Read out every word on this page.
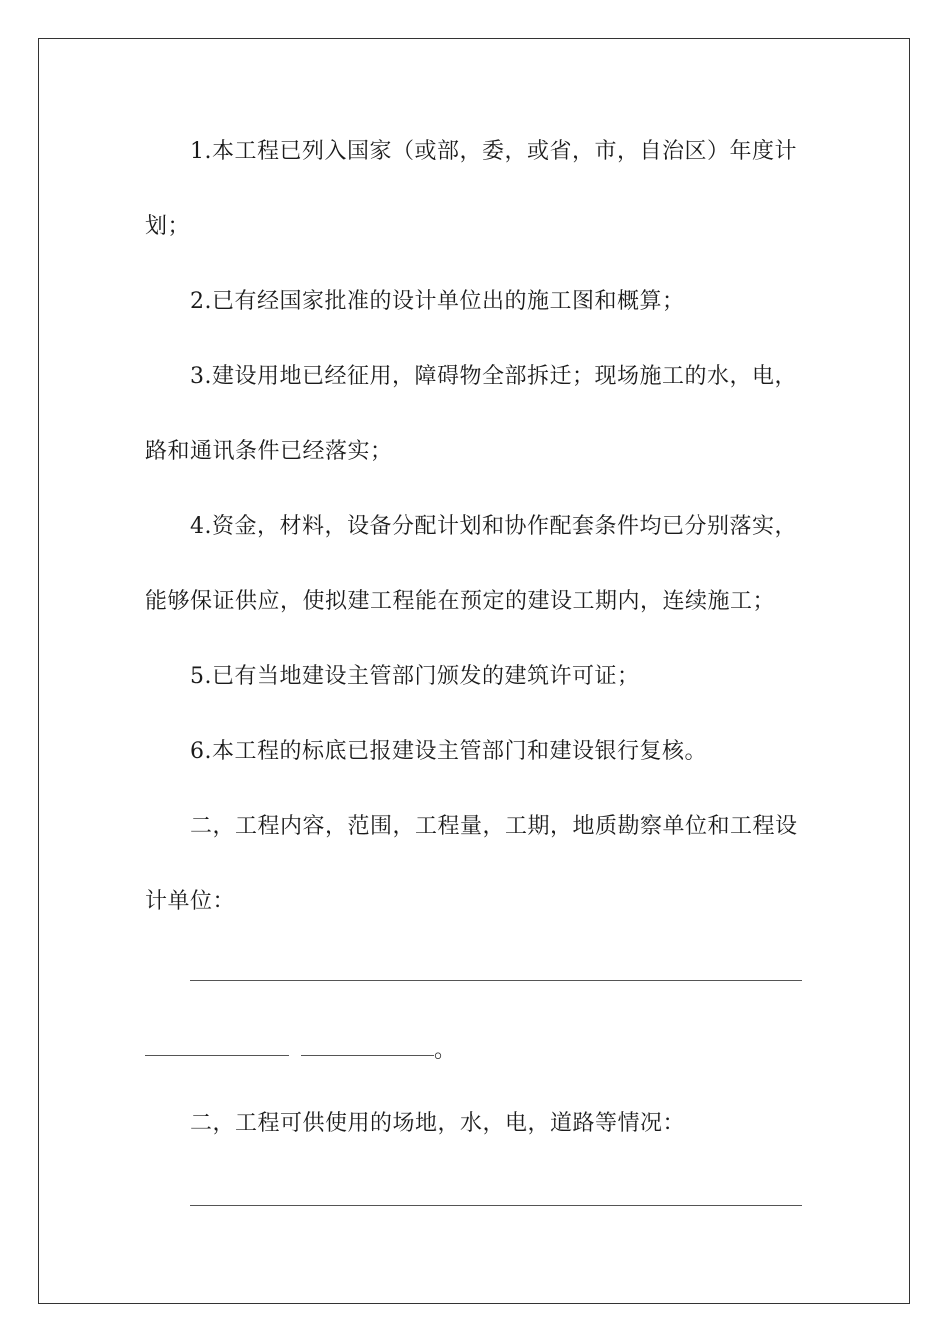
1.本工程已列入国家（或部，委，或省，市，自治区）年度计
划；
2.已有经国家批准的设计单位出的施工图和概算；
3.建设用地已经征用，障碍物全部拆迁；现场施工的水，电，
路和通讯条件已经落实；
4.资金，材料，设备分配计划和协作配套条件均已分别落实，
能够保证供应，使拟建工程能在预定的建设工期内，连续施工；
5.已有当地建设主管部门颁发的建筑许可证；
6.本工程的标底已报建设主管部门和建设银行复核。
二，工程内容，范围，工程量，工期，地质勘察单位和工程设
计单位：
。
二，工程可供使用的场地，水，电，道路等情况：
